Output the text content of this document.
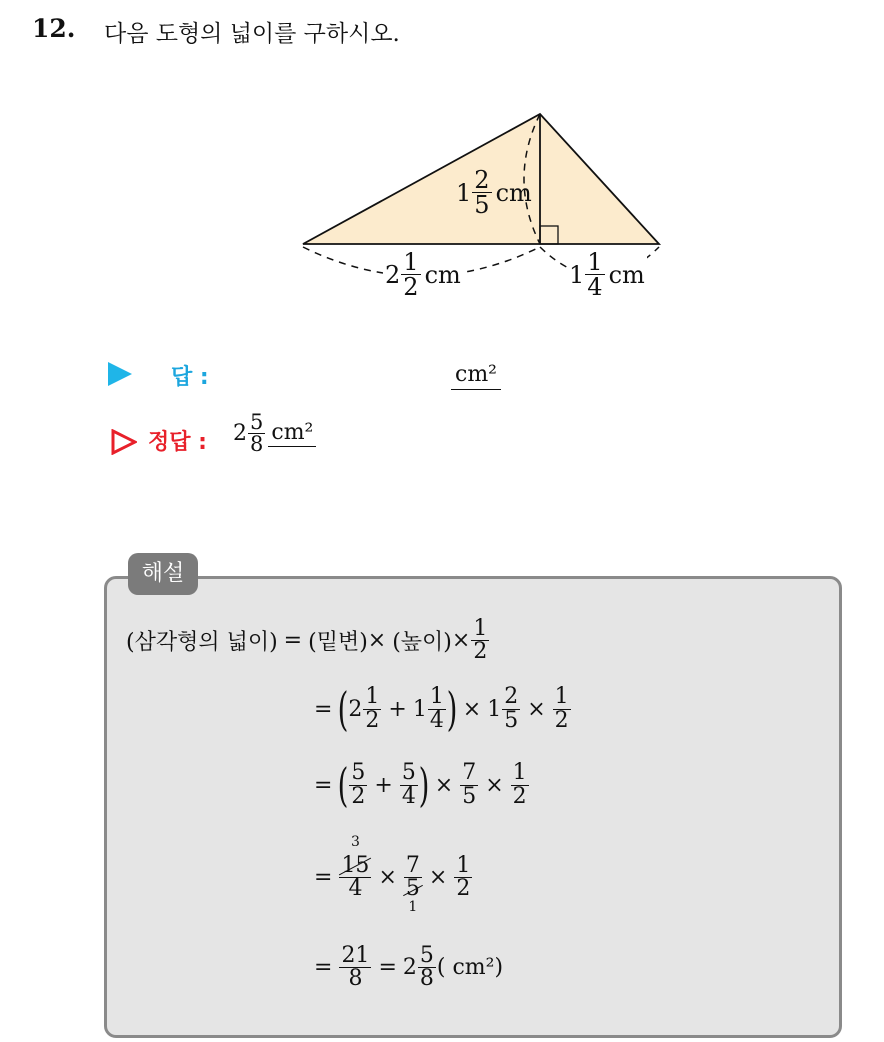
12. 다음 도형의 넓이를 구하시오.
$1 \frac{2}{5}$ cm
$2 \frac{1}{2}$ cm	$1 \frac{1}{4}$ cm
답 :	cm²
정답 : $2 \frac{5}{8} cm^2$
해설
(삼각형의 넓이) = (밑변) × (높이) × $\frac{1}{2}$
= ( $2 \frac{1}{2} + 1 \frac{1}{4}$ ) × $1 \frac{2}{5} \times \frac{1}{2}$
= ( $\frac{5}{2} + \frac{5}{4}$ ) × $\frac{7}{5} \times \frac{1}{2}$
= 3
15
4 × 7
5
$1 \times \frac{1}{2}$
= $\frac{21}{8} = 2 \frac{5}{8}$ ( cm²)
